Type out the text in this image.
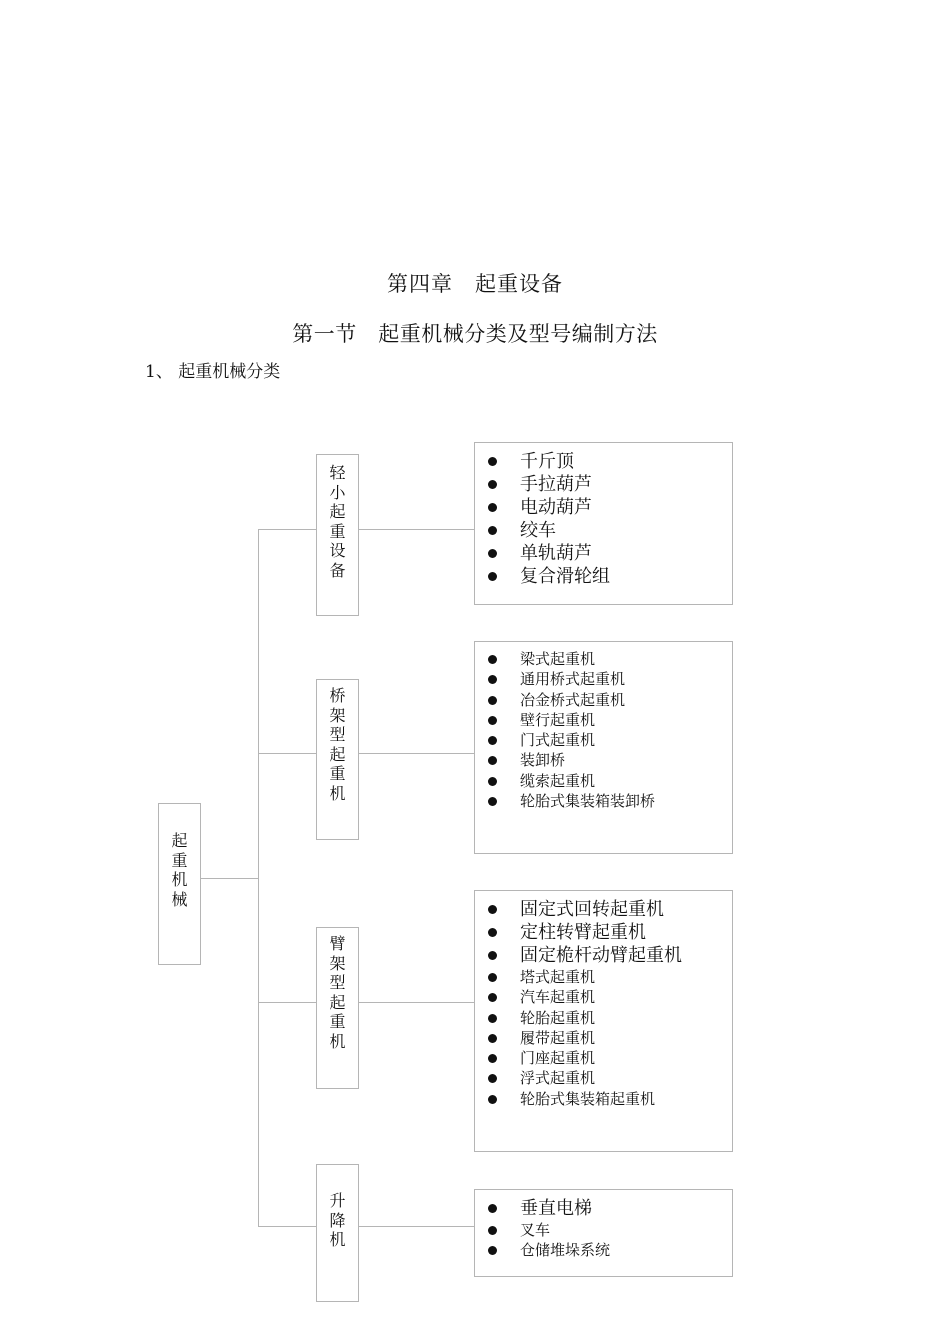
第四章　起重设备
第一节　起重机械分类及型号编制方法
1、 起重机械分类
起
重
机
械
轻
小
起
重
设
备
桥
架
型
起
重
机
臂
架
型
起
重
机
升
降
机
千斤顶
手拉葫芦
电动葫芦
绞车
单轨葫芦
复合滑轮组
梁式起重机
通用桥式起重机
冶金桥式起重机
壁行起重机
门式起重机
装卸桥
缆索起重机
轮胎式集装箱装卸桥
固定式回转起重机
定柱转臂起重机
固定桅杆动臂起重机
塔式起重机
汽车起重机
轮胎起重机
履带起重机
门座起重机
浮式起重机
轮胎式集装箱起重机
垂直电梯
叉车
仓储堆垛系统
